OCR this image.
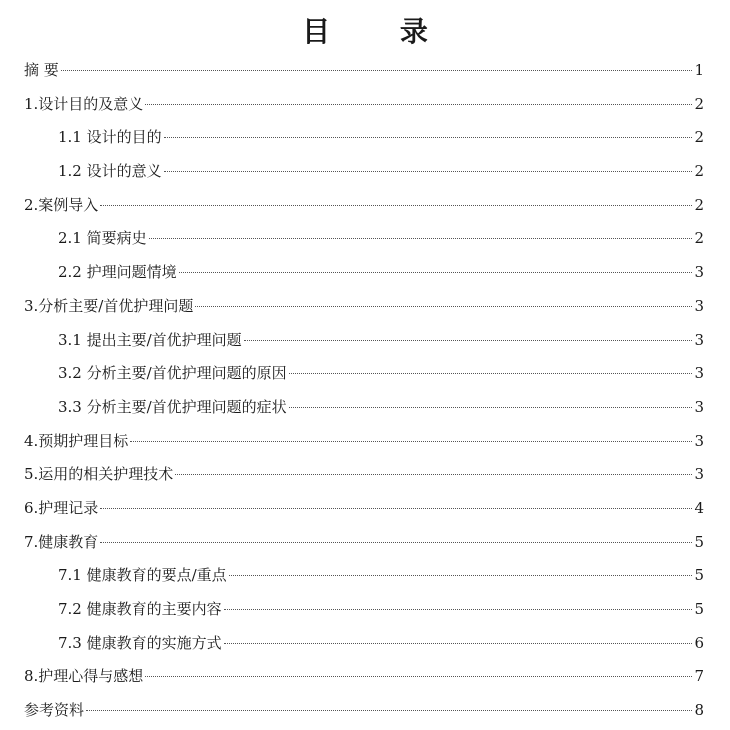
目 录
摘 要	1
1.设计目的及意义	2
1.1 设计的目的	2
1.2 设计的意义	2
2.案例导入	2
2.1 简要病史	2
2.2 护理问题情境	3
3.分析主要/首优护理问题	3
3.1 提出主要/首优护理问题	3
3.2 分析主要/首优护理问题的原因	3
3.3 分析主要/首优护理问题的症状	3
4.预期护理目标	3
5.运用的相关护理技术	3
6.护理记录	4
7.健康教育	5
7.1 健康教育的要点/重点	5
7.2 健康教育的主要内容	5
7.3 健康教育的实施方式	6
8.护理心得与感想	7
参考资料	8
